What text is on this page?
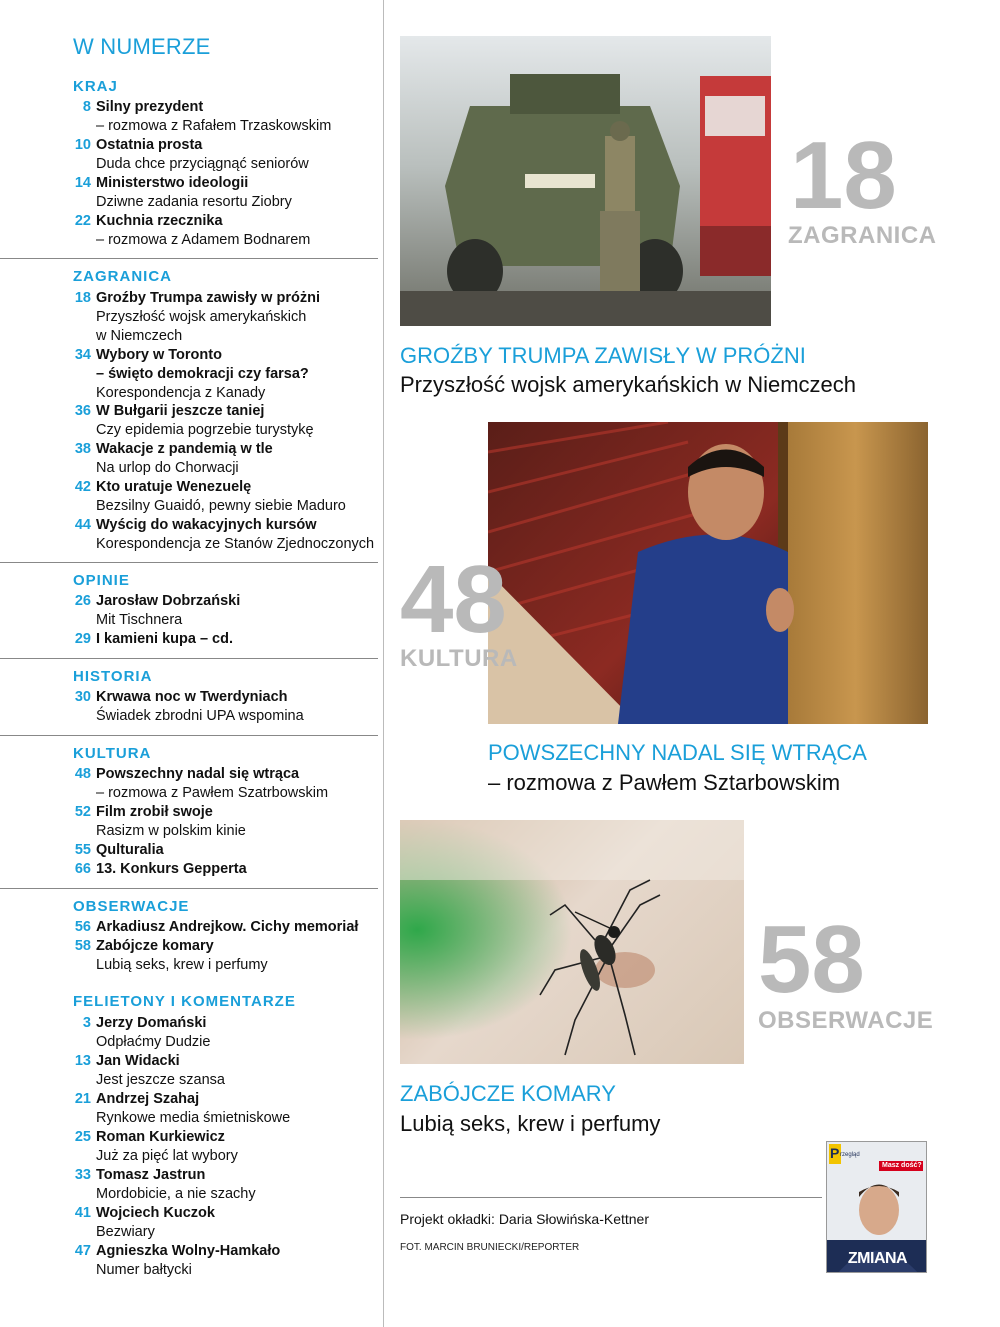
W NUMERZE
KRAJ
8 Silny prezydent
– rozmowa z Rafałem Trzaskowskim
10 Ostatnia prosta
Duda chce przyciągnąć seniorów
14 Ministerstwo ideologii
Dziwne zadania resortu Ziobry
22 Kuchnia rzecznika
– rozmowa z Adamem Bodnarem
ZAGRANICA
18 Groźby Trumpa zawisły w próżni
Przyszłość wojsk amerykańskich
w Niemczech
34 Wybory w Toronto
– święto demokracji czy farsa?
Korespondencja z Kanady
36 W Bułgarii jeszcze taniej
Czy epidemia pogrzebie turystykę
38 Wakacje z pandemią w tle
Na urlop do Chorwacji
42 Kto uratuje Wenezuelę
Bezsilny Guaidó, pewny siebie Maduro
44 Wyścig do wakacyjnych kursów
Korespondencja ze Stanów Zjednoczonych
OPINIE
26 Jarosław Dobrzański
Mit Tischnera
29 I kamieni kupa – cd.
HISTORIA
30 Krwawa noc w Twerdyniach
Świadek zbrodni UPA wspomina
KULTURA
48 Powszechny nadal się wtrąca
– rozmowa z Pawłem Szatrbowskim
52 Film zrobił swoje
Rasizm w polskim kinie
55 Qulturalia
66 13. Konkurs Gepperta
OBSERWACJE
56 Arkadiusz Andrejkow. Cichy memoriał
58 Zabójcze komary
Lubią seks, krew i perfumy
FELIETONY I KOMENTARZE
3 Jerzy Domański
Odpłaćmy Dudzie
13 Jan Widacki
Jest jeszcze szansa
21 Andrzej Szahaj
Rynkowe media śmietniskowe
25 Roman Kurkiewicz
Już za pięć lat wybory
33 Tomasz Jastrun
Mordobicie, a nie szachy
41 Wojciech Kuczok
Bezwiary
47 Agnieszka Wolny-Hamkało
Numer bałtycki
18
ZAGRANICA
GROŹBY TRUMPA ZAWISŁY W PRÓŻNI
Przyszłość wojsk amerykańskich w Niemczech
48
KULTURA
POWSZECHNY NADAL SIĘ WTRĄCA
– rozmowa z Pawłem Sztarbowskim
58
OBSERWACJE
ZABÓJCZE KOMARY
Lubią seks, krew i perfumy
P rzegląd
Masz dość?
ZMIANA
Projekt okładki: Daria Słowińska-Kettner
FOT. MARCIN BRUNIECKI/REPORTER
